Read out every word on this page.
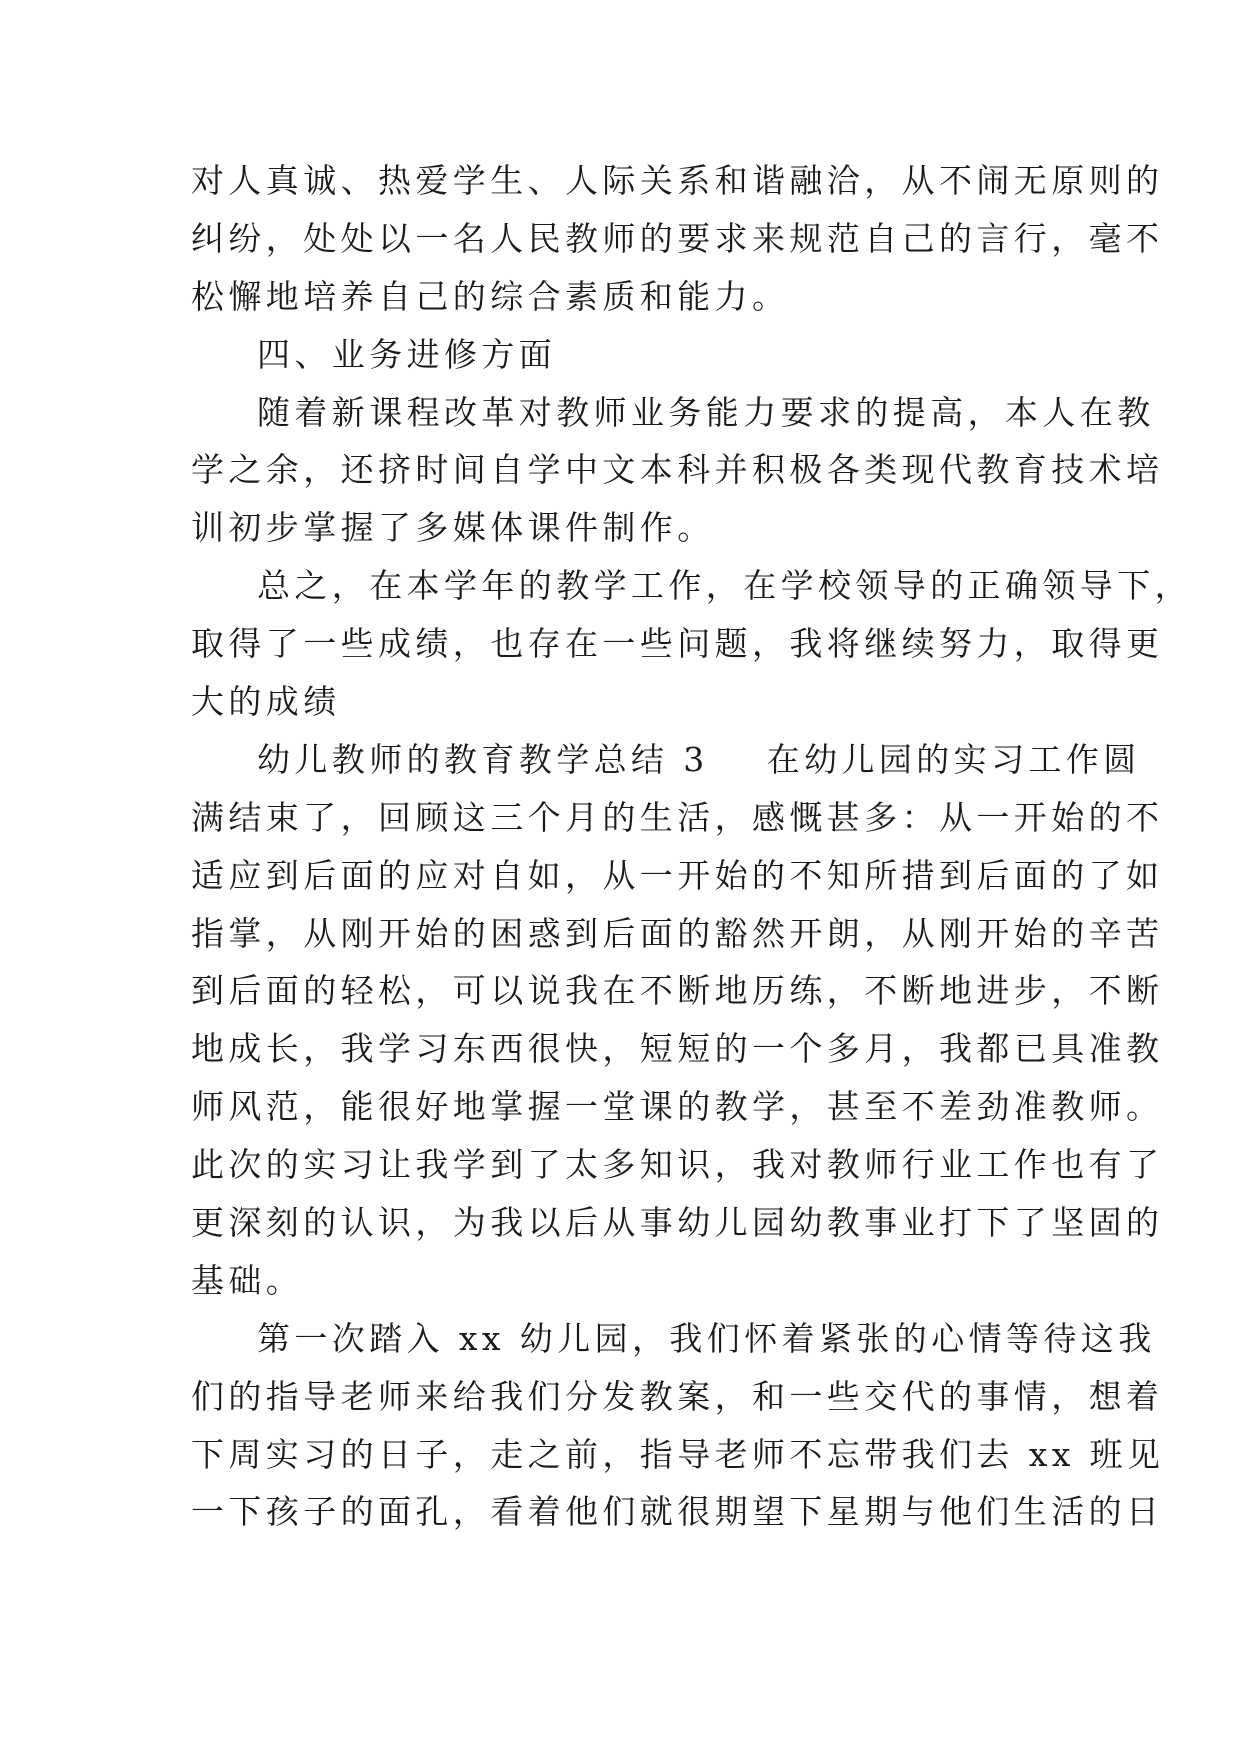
对人真诚、热爱学生、人际关系和谐融洽，从不闹无原则的
纠纷，处处以一名人民教师的要求来规范自己的言行，毫不
松懈地培养自己的综合素质和能力。
四、业务进修方面
随着新课程改革对教师业务能力要求的提高，本人在教
学之余，还挤时间自学中文本科并积极各类现代教育技术培
训初步掌握了多媒体课件制作。
总之，在本学年的教学工作，在学校领导的正确领导下，
取得了一些成绩，也存在一些问题，我将继续努力，取得更
大的成绩
幼儿教师的教育教学总结 3 在幼儿园的实习工作圆
满结束了，回顾这三个月的生活，感慨甚多：从一开始的不
适应到后面的应对自如，从一开始的不知所措到后面的了如
指掌，从刚开始的困惑到后面的豁然开朗，从刚开始的辛苦
到后面的轻松，可以说我在不断地历练，不断地进步，不断
地成长，我学习东西很快，短短的一个多月，我都已具准教
师风范，能很好地掌握一堂课的教学，甚至不差劲准教师。
此次的实习让我学到了太多知识，我对教师行业工作也有了
更深刻的认识，为我以后从事幼儿园幼教事业打下了坚固的
基础。
第一次踏入 xx 幼儿园，我们怀着紧张的心情等待这我
们的指导老师来给我们分发教案，和一些交代的事情，想着
下周实习的日子，走之前，指导老师不忘带我们去 xx 班见
一下孩子的面孔，看着他们就很期望下星期与他们生活的日
